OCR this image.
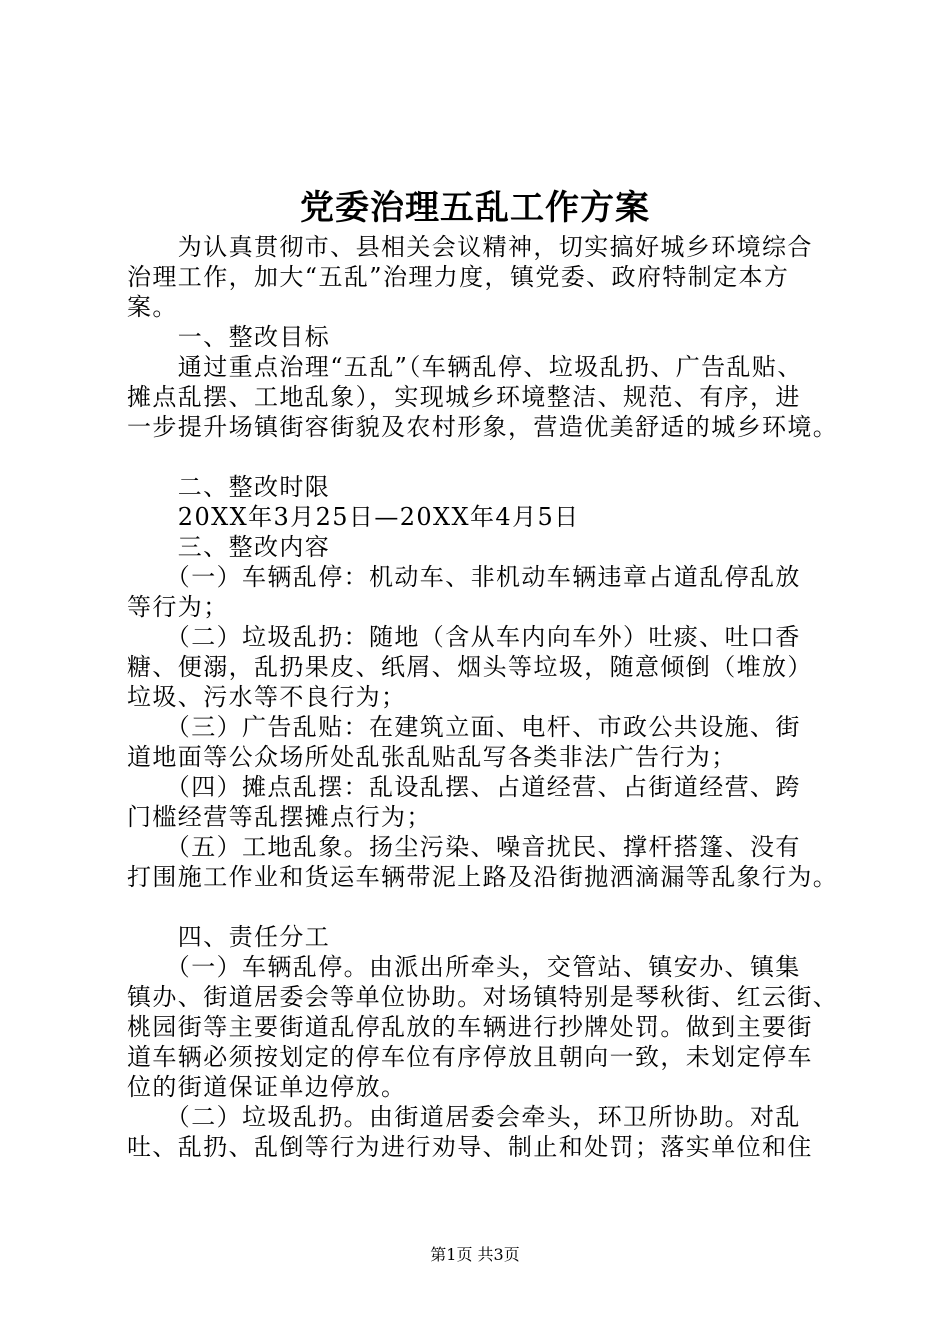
党委治理五乱工作方案
　　为认真贯彻市、县相关会议精神，切实搞好城乡环境综合
治理工作，加大“五乱”治理力度，镇党委、政府特制定本方
案。
　　一、整改目标
　　通过重点治理“五乱”（车辆乱停、垃圾乱扔、广告乱贴、
摊点乱摆、工地乱象），实现城乡环境整洁、规范、有序，进
一步提升场镇街容街貌及农村形象，营造优美舒适的城乡环境。
　　二、整改时限
　　20XX年3月25日—20XX年4月5日
　　三、整改内容
　　（一）车辆乱停：机动车、非机动车辆违章占道乱停乱放
等行为；
　　（二）垃圾乱扔：随地（含从车内向车外）吐痰、吐口香
糖、便溺，乱扔果皮、纸屑、烟头等垃圾，随意倾倒（堆放）
垃圾、污水等不良行为；
　　（三）广告乱贴：在建筑立面、电杆、市政公共设施、街
道地面等公众场所处乱张乱贴乱写各类非法广告行为；
　　（四）摊点乱摆：乱设乱摆、占道经营、占街道经营、跨
门槛经营等乱摆摊点行为；
　　（五）工地乱象。扬尘污染、噪音扰民、撑杆搭篷、没有
打围施工作业和货运车辆带泥上路及沿街抛洒滴漏等乱象行为。
　　四、责任分工
　　（一）车辆乱停。由派出所牵头，交管站、镇安办、镇集
镇办、街道居委会等单位协助。对场镇特别是琴秋街、红云街、
桃园街等主要街道乱停乱放的车辆进行抄牌处罚。做到主要街
道车辆必须按划定的停车位有序停放且朝向一致，未划定停车
位的街道保证单边停放。
　　（二）垃圾乱扔。由街道居委会牵头，环卫所协助。对乱
吐、乱扔、乱倒等行为进行劝导、制止和处罚；落实单位和住
第1页 共3页
